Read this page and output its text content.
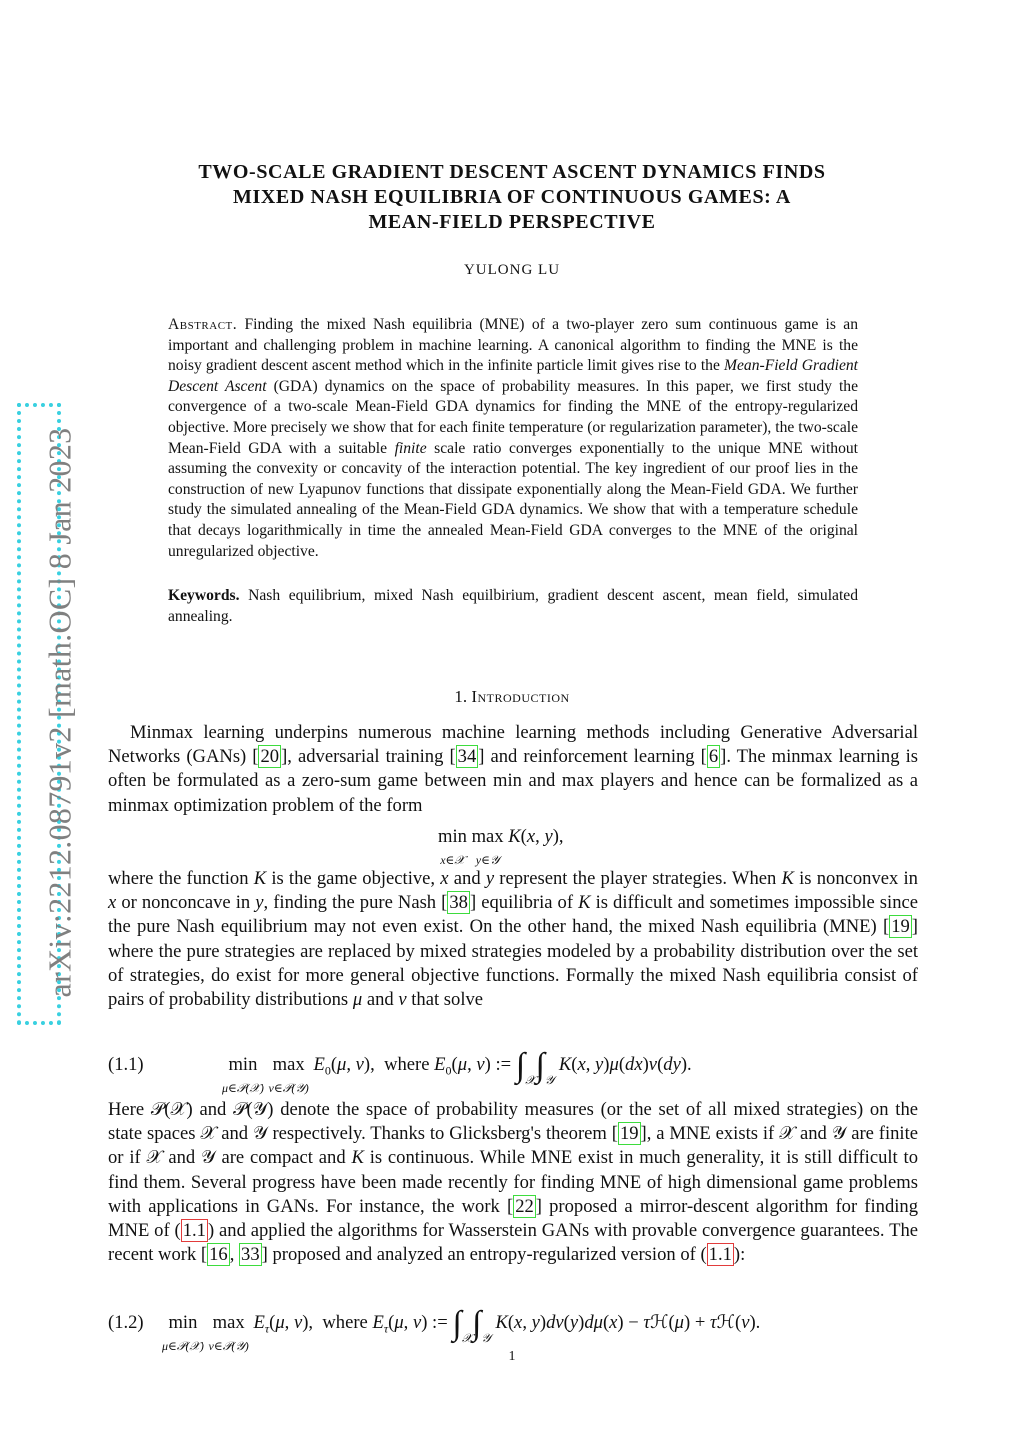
arXiv:2212.08791v2 [math.OC] 8 Jan 2023
TWO-SCALE GRADIENT DESCENT ASCENT DYNAMICS FINDS
MIXED NASH EQUILIBRIA OF CONTINUOUS GAMES: A
MEAN-FIELD PERSPECTIVE
YULONG LU
Abstract. Finding the mixed Nash equilibria (MNE) of a two-player zero sum continuous game is an important and challenging problem in machine learning. A canonical algorithm to finding the MNE is the noisy gradient descent ascent method which in the infinite particle limit gives rise to the Mean-Field Gradient Descent Ascent (GDA) dynamics on the space of probability measures. In this paper, we first study the convergence of a two-scale Mean-Field GDA dynamics for finding the MNE of the entropy-regularized objective. More precisely we show that for each finite temperature (or regularization parameter), the two-scale Mean-Field GDA with a suitable finite scale ratio converges exponentially to the unique MNE without assuming the convexity or concavity of the interaction potential. The key ingredient of our proof lies in the construction of new Lyapunov functions that dissipate exponentially along the Mean-Field GDA. We further study the simulated annealing of the Mean-Field GDA dynamics. We show that with a temperature schedule that decays logarithmically in time the annealed Mean-Field GDA converges to the MNE of the original unregularized objective.
Keywords. Nash equilibrium, mixed Nash equilbirium, gradient descent ascent, mean field, simulated annealing.
1. Introduction
Minmax learning underpins numerous machine learning methods including Generative Adversarial Networks (GANs) [ 20 ], adversarial training [ 34 ] and reinforcement learning [ 6 ]. The minmax learning is often be formulated as a zero-sum game between min and max players and hence can be formalized as a minmax optimization problem of the form
min
x∈𝒳 max
y∈𝒴 K(x, y),
where the function K is the game objective, x and y represent the player strategies. When K is nonconvex in x or nonconcave in y, finding the pure Nash [ 38 ] equilibria of K is difficult and sometimes impossible since the pure Nash equilibrium may not even exist. On the other hand, the mixed Nash equilibria (MNE) [ 19 ] where the pure strategies are replaced by mixed strategies modeled by a probability distribution over the set of strategies, do exist for more general objective functions. Formally the mixed Nash equilibria consist of pairs of probability distributions μ and ν that solve
(1.1)	min
μ∈𝒫(𝒳) max
ν∈𝒫(𝒴) $E_0(\mu$, ν),  where $E_0(\mu$, ν) := $\int_𝒳\int_𝒴$ K(x, y)μ(dx)ν(dy).
Here 𝒫(𝒳) and 𝒫(𝒴) denote the space of probability measures (or the set of all mixed strategies) on the state spaces 𝒳 and 𝒴 respectively. Thanks to Glicksberg's theorem [ 19 ], a MNE exists if 𝒳 and 𝒴 are finite or if 𝒳 and 𝒴 are compact and K is continuous. While MNE exist in much generality, it is still difficult to find them. Several progress have been made recently for finding MNE of high dimensional game problems with applications in GANs. For instance, the work [ 22 ] proposed a mirror-descent algorithm for finding MNE of ( 1.1 ) and applied the algorithms for Wasserstein GANs with provable convergence guarantees. The recent work [ 16 , 33 ] proposed and analyzed an entropy-regularized version of ( 1.1 ):
(1.2)	min
μ∈𝒫(𝒳) max
ν∈𝒫(𝒴) $E_\tau(\mu$, ν),  where $E_\tau(\mu$, ν) := $\int_𝒳\int_𝒴$ K(x, y)dν(y)dμ(x) − τℋ(μ) + τℋ(ν).
1
